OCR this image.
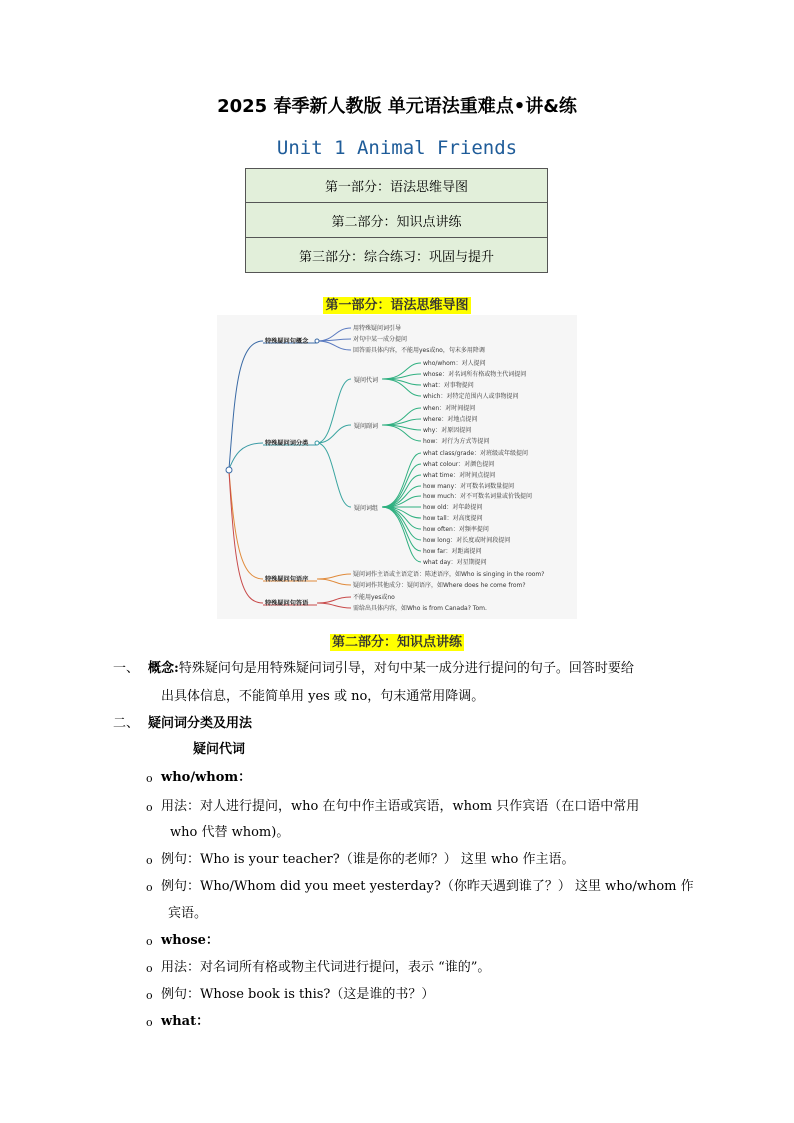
2025 春季新人教版 单元语法重难点•讲&练
Unit 1 Animal Friends
第一部分：语法思维导图
第二部分：知识点讲练
第三部分：综合练习：巩固与提升
第一部分：语法思维导图
特殊疑问句概念
特殊疑问词分类
特殊疑问句语序
特殊疑问句答语
用特殊疑问词引导
对句中某一成分提问
回答需具体内容，不能用yes或no，句末多用降调
疑问代词
疑问副词
疑问词组
who/whom：对人提问
whose：对名词所有格或物主代词提问
what：对事物提问
which：对特定范围内人或事物提问
when：对时间提问
where：对地点提问
why：对原因提问
how：对行为方式等提问
what class/grade：对班级或年级提问
what colour：对颜色提问
what time：对时间点提问
how many：对可数名词数量提问
how much：对不可数名词量或价钱提问
how old：对年龄提问
how tall：对高度提问
how often：对频率提问
how long：对长度或时间段提问
how far：对距离提问
what day：对星期提问
疑问词作主语或主语定语：陈述语序，如Who is singing in the room?
疑问词作其他成分：疑问语序，如Where does he come from?
不能用yes或no
需给出具体内容，如Who is from Canada? Tom.
第二部分：知识点讲练
一、 概念:特殊疑问句是用特殊疑问词引导，对句中某一成分进行提问的句子。回答时要给
出具体信息，不能简单用 yes 或 no，句末通常用降调。
二、 疑问词分类及用法
疑问代词
o who/whom：
o 用法：对人进行提问，who 在句中作主语或宾语，whom 只作宾语（在口语中常用
who 代替 whom)。
o 例句：Who is your teacher?（谁是你的老师？） 这里 who 作主语。
o 例句：Who/Whom did you meet yesterday?（你昨天遇到谁了？） 这里 who/whom 作
宾语。
o whose：
o 用法：对名词所有格或物主代词进行提问，表示 “谁的”。
o 例句：Whose book is this?（这是谁的书？）
o what：
